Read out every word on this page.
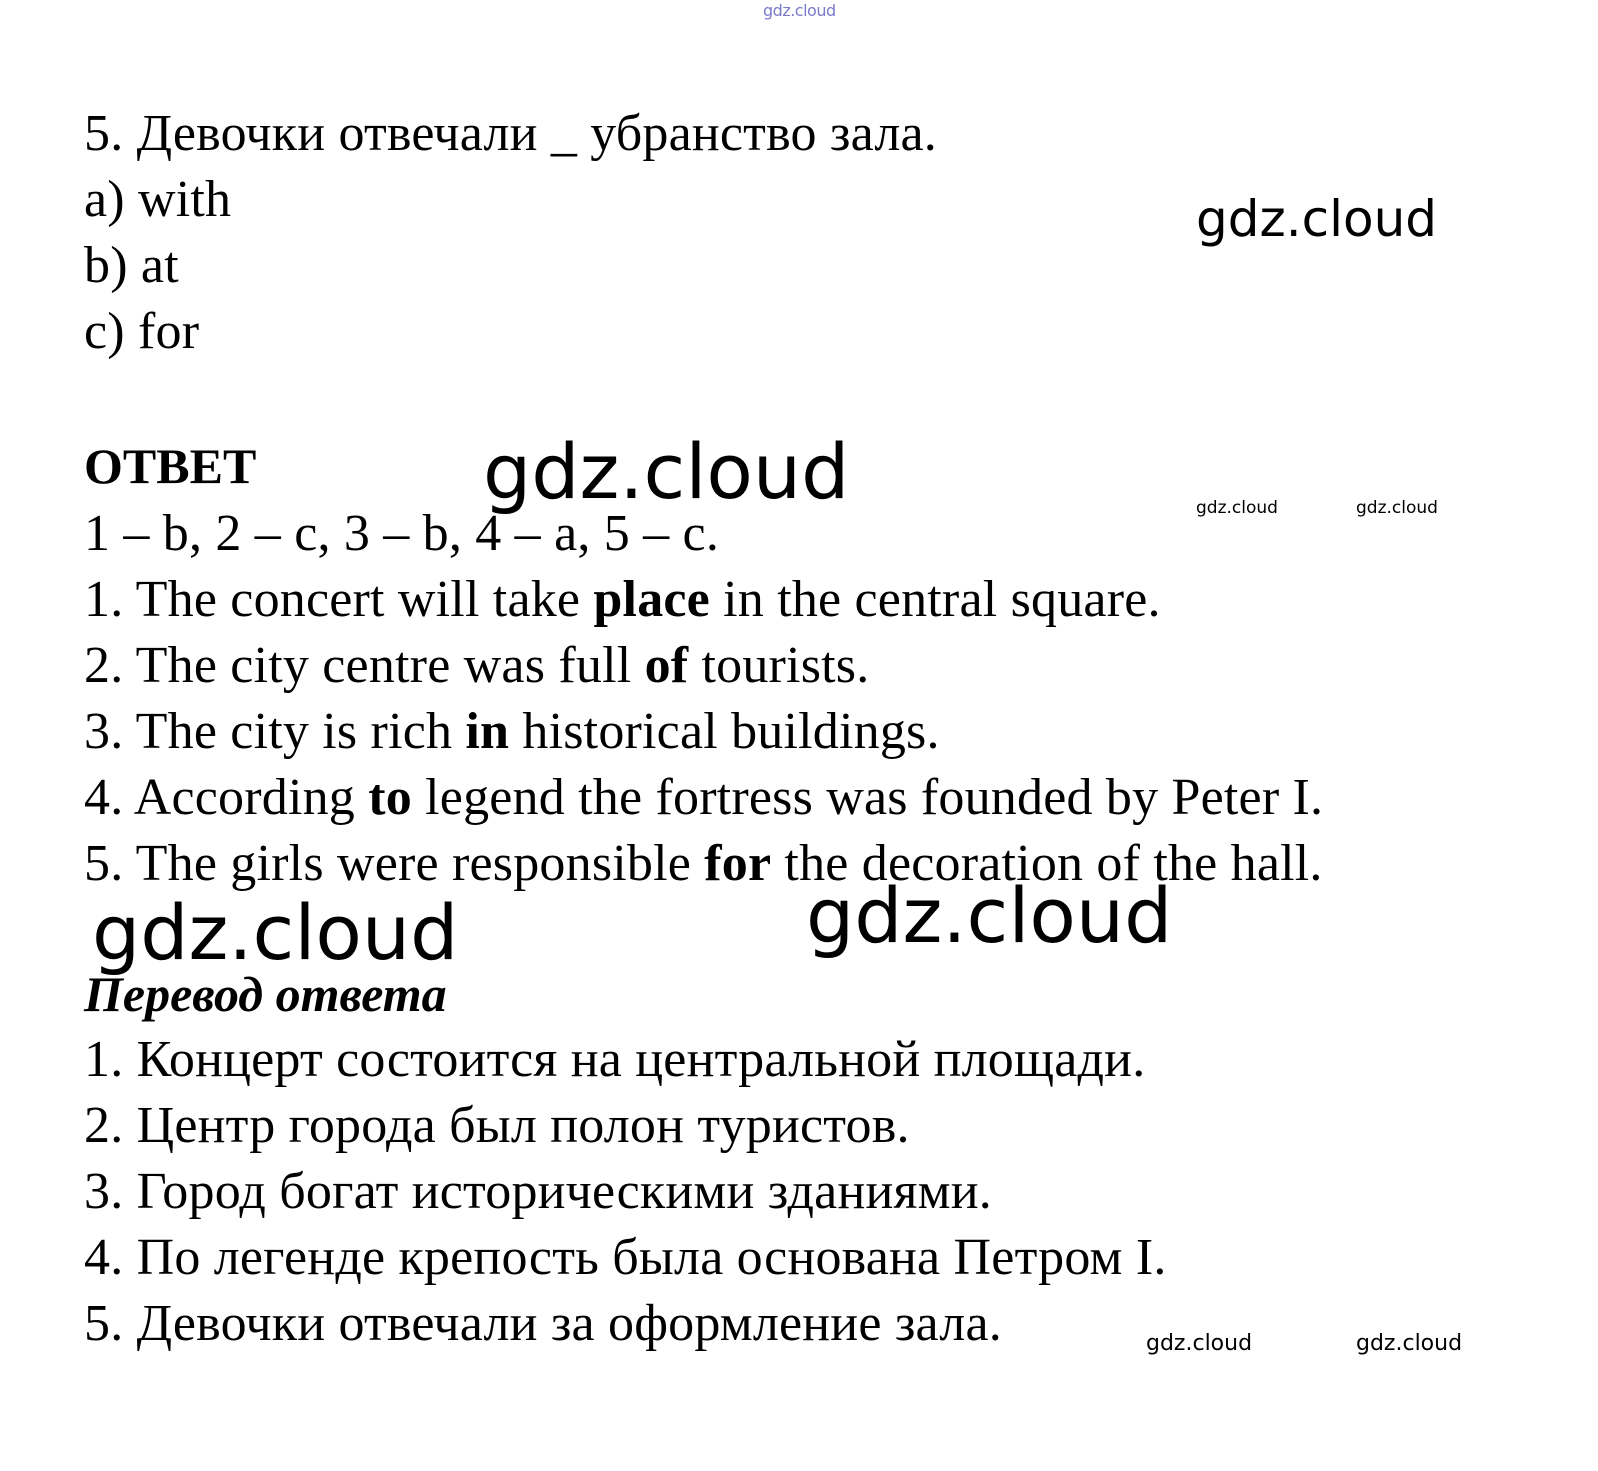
gdz.cloud
5. Девочки отвечали _ убранство зала.
a) with
b) at
c) for
gdz.cloud
ОТВЕТ	gdz.cloud	gdz.cloud	gdz.cloud
1 – b, 2 – c, 3 – b, 4 – a, 5 – c.
1. The concert will take place in the central square.
2. The city centre was full of tourists.
3. The city is rich in historical buildings.
4. According to legend the fortress was founded by Peter I.
5. The girls were responsible for the decoration of the hall.
gdz.cloud	gdz.cloud
Перевод ответа
1. Концерт состоится на центральной площади.
2. Центр города был полон туристов.
3. Город богат историческими зданиями.
4. По легенде крепость была основана Петром I.
5. Девочки отвечали за оформление зала.	gdz.cloud	gdz.cloud
